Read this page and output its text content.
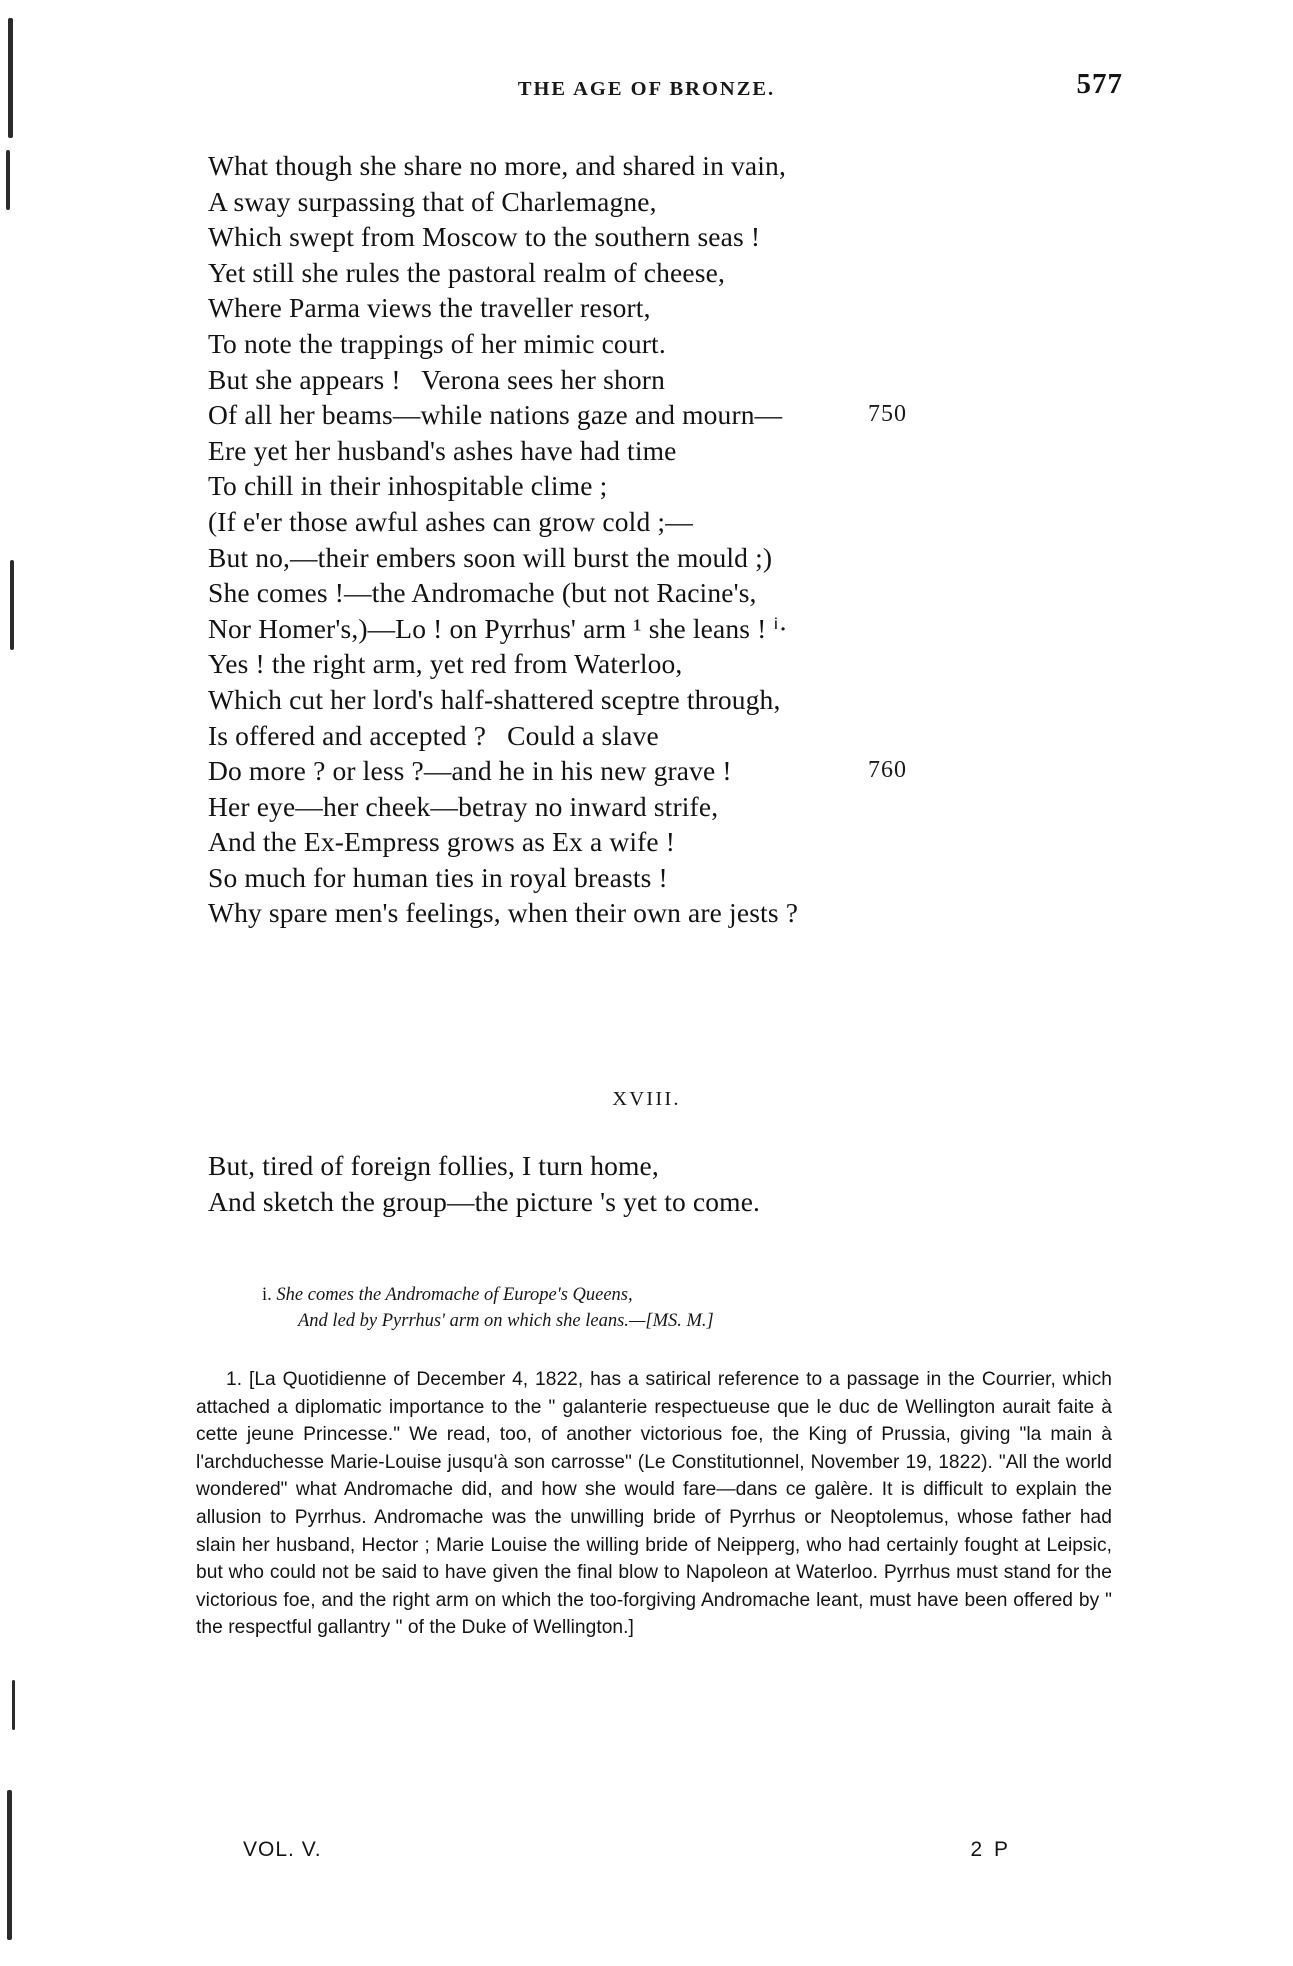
THE AGE OF BRONZE.	577
What though she share no more, and shared in vain,
A sway surpassing that of Charlemagne,
Which swept from Moscow to the southern seas !
Yet still she rules the pastoral realm of cheese,
Where Parma views the traveller resort,
To note the trappings of her mimic court.
But she appears !   Verona sees her shorn
Of all her beams—while nations gaze and mourn—	750
Ere yet her husband's ashes have had time
To chill in their inhospitable clime ;
(If e'er those awful ashes can grow cold ;—
But no,—their embers soon will burst the mould ;)
She comes !—the Andromache (but not Racine's,
Nor Homer's,)—Lo ! on Pyrrhus' arm ¹ she leans ! ⁱ·
Yes ! the right arm, yet red from Waterloo,
Which cut her lord's half-shattered sceptre through,
Is offered and accepted ?   Could a slave
Do more ? or less ?—and he in his new grave !	760
Her eye—her cheek—betray no inward strife,
And the Ex-Empress grows as Ex a wife !
So much for human ties in royal breasts !
Why spare men's feelings, when their own are jests ?
XVIII.
But, tired of foreign follies, I turn home,
And sketch the group—the picture 's yet to come.
i. She comes the Andromache of Europe's Queens,
And led by Pyrrhus' arm on which she leans.—[MS. M.]
1. [La Quotidienne of December 4, 1822, has a satirical reference to a passage in the Courrier, which attached a diplomatic importance to the " galanterie respectueuse que le duc de Wellington aurait faite à cette jeune Princesse." We read, too, of another victorious foe, the King of Prussia, giving "la main à l'archduchesse Marie-Louise jusqu'à son carrosse" (Le Constitutionnel, November 19, 1822). "All the world wondered" what Andromache did, and how she would fare—dans ce galère. It is difficult to explain the allusion to Pyrrhus. Andromache was the unwilling bride of Pyrrhus or Neoptolemus, whose father had slain her husband, Hector ; Marie Louise the willing bride of Neipperg, who had certainly fought at Leipsic, but who could not be said to have given the final blow to Napoleon at Waterloo. Pyrrhus must stand for the victorious foe, and the right arm on which the too-forgiving Andromache leant, must have been offered by " the respectful gallantry " of the Duke of Wellington.]
VOL. V.	2 P
